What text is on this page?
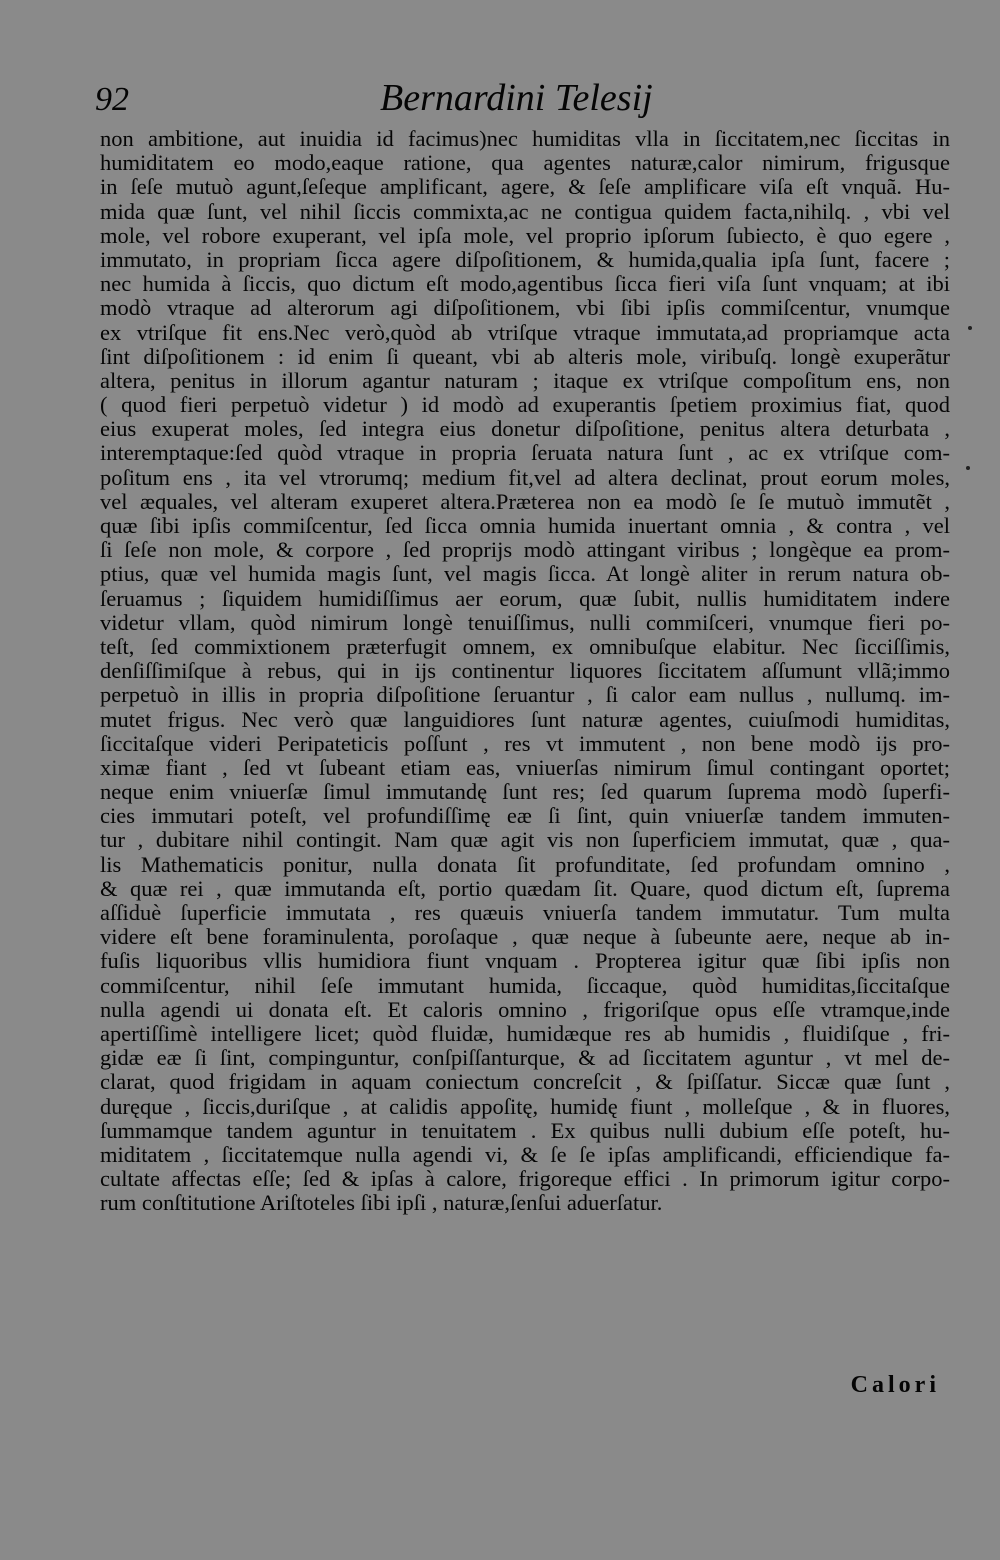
92	Bernardini Telesij
non ambitione, aut inuidia id facimus)nec humiditas vlla in ſiccitatem,nec ſiccitas in
humiditatem eo modo,eaque ratione, qua agentes naturæ,calor nimirum, frigusque
in ſeſe mutuò agunt,ſeſeque amplificant, agere, & ſeſe amplificare viſa eſt vnquã. Hu-
mida quæ ſunt, vel nihil ſiccis commixta,ac ne contigua quidem facta,nihilq. , vbi vel
mole, vel robore exuperant, vel ipſa mole, vel proprio ipſorum ſubiecto, è quo egere ,
immutato, in propriam ſicca agere diſpoſitionem, & humida,qualia ipſa ſunt, facere ;
nec humida à ſiccis, quo dictum eſt modo,agentibus ſicca fieri viſa ſunt vnquam; at ibi
modò vtraque ad alterorum agi diſpoſitionem, vbi ſibi ipſis commiſcentur, vnumque
ex vtriſque fit ens.Nec verò,quòd ab vtriſque vtraque immutata,ad propriamque acta
ſint diſpoſitionem : id enim ſi queant, vbi ab alteris mole, viribuſq. longè exuperãtur
altera, penitus in illorum agantur naturam ; itaque ex vtriſque compoſitum ens, non
( quod fieri perpetuò videtur ) id modò ad exuperantis ſpetiem proximius fiat, quod
eius exuperat moles, ſed integra eius donetur diſpoſitione, penitus altera deturbata ,
interemptaque:ſed quòd vtraque in propria ſeruata natura ſunt , ac ex vtriſque com-
poſitum ens , ita vel vtrorumq; medium fit,vel ad altera declinat, prout eorum moles,
vel æquales, vel alteram exuperet altera.Præterea non ea modò ſe ſe mutuò immutẽt ,
quæ ſibi ipſis commiſcentur, ſed ſicca omnia humida inuertant omnia , & contra , vel
ſi ſeſe non mole, & corpore , ſed proprijs modò attingant viribus ; longèque ea prom-
ptius, quæ vel humida magis ſunt, vel magis ſicca. At longè aliter in rerum natura ob-
ſeruamus ; ſiquidem humidiſſimus aer eorum, quæ ſubit, nullis humiditatem indere
videtur vllam, quòd nimirum longè tenuiſſimus, nulli commiſceri, vnumque fieri po-
teſt, ſed commixtionem præterfugit omnem, ex omnibuſque elabitur. Nec ſicciſſimis,
denſiſſimiſque à rebus, qui in ijs continentur liquores ſiccitatem aſſumunt vllã;immo
perpetuò in illis in propria diſpoſitione ſeruantur , ſi calor eam nullus , nullumq. im-
mutet frigus. Nec verò quæ languidiores ſunt naturæ agentes, cuiuſmodi humiditas,
ſiccitaſque videri Peripateticis poſſunt , res vt immutent , non bene modò ijs pro-
ximæ fiant , ſed vt ſubeant etiam eas, vniuerſas nimirum ſimul contingant oportet;
neque enim vniuerſæ ſimul immutandę ſunt res; ſed quarum ſuprema modò ſuperfi-
cies immutari poteſt, vel profundiſſimę eæ ſi ſint, quin vniuerſæ tandem immuten-
tur , dubitare nihil contingit. Nam quæ agit vis non ſuperficiem immutat, quæ , qua-
lis Mathematicis ponitur, nulla donata ſit profunditate, ſed profundam omnino ,
& quæ rei , quæ immutanda eſt, portio quædam ſit. Quare, quod dictum eſt, ſuprema
aſſiduè ſuperficie immutata , res quæuis vniuerſa tandem immutatur. Tum multa
videre eſt bene foraminulenta, poroſaque , quæ neque à ſubeunte aere, neque ab in-
fuſis liquoribus vllis humidiora fiunt vnquam . Propterea igitur quæ ſibi ipſis non
commiſcentur, nihil ſeſe immutant humida, ſiccaque, quòd humiditas,ſiccitaſque
nulla agendi ui donata eſt. Et caloris omnino , frigoriſque opus eſſe vtramque,inde
apertiſſimè intelligere licet; quòd fluidæ, humidæque res ab humidis , fluidiſque , fri-
gidæ eæ ſi ſint, compinguntur, conſpiſſanturque, & ad ſiccitatem aguntur , vt mel de-
clarat, quod frigidam in aquam coniectum concreſcit , & ſpiſſatur. Siccæ quæ ſunt ,
duręque , ſiccis,duriſque , at calidis appoſitę, humidę fiunt , molleſque , & in fluores,
ſummamque tandem aguntur in tenuitatem . Ex quibus nulli dubium eſſe poteſt, hu-
miditatem , ſiccitatemque nulla agendi vi, & ſe ſe ipſas amplificandi, efficiendique fa-
cultate affectas eſſe; ſed & ipſas à calore, frigoreque effici . In primorum igitur corpo-
rum conſtitutione Ariſtoteles ſibi ipſi , naturæ,ſenſui aduerſatur.
Calori
